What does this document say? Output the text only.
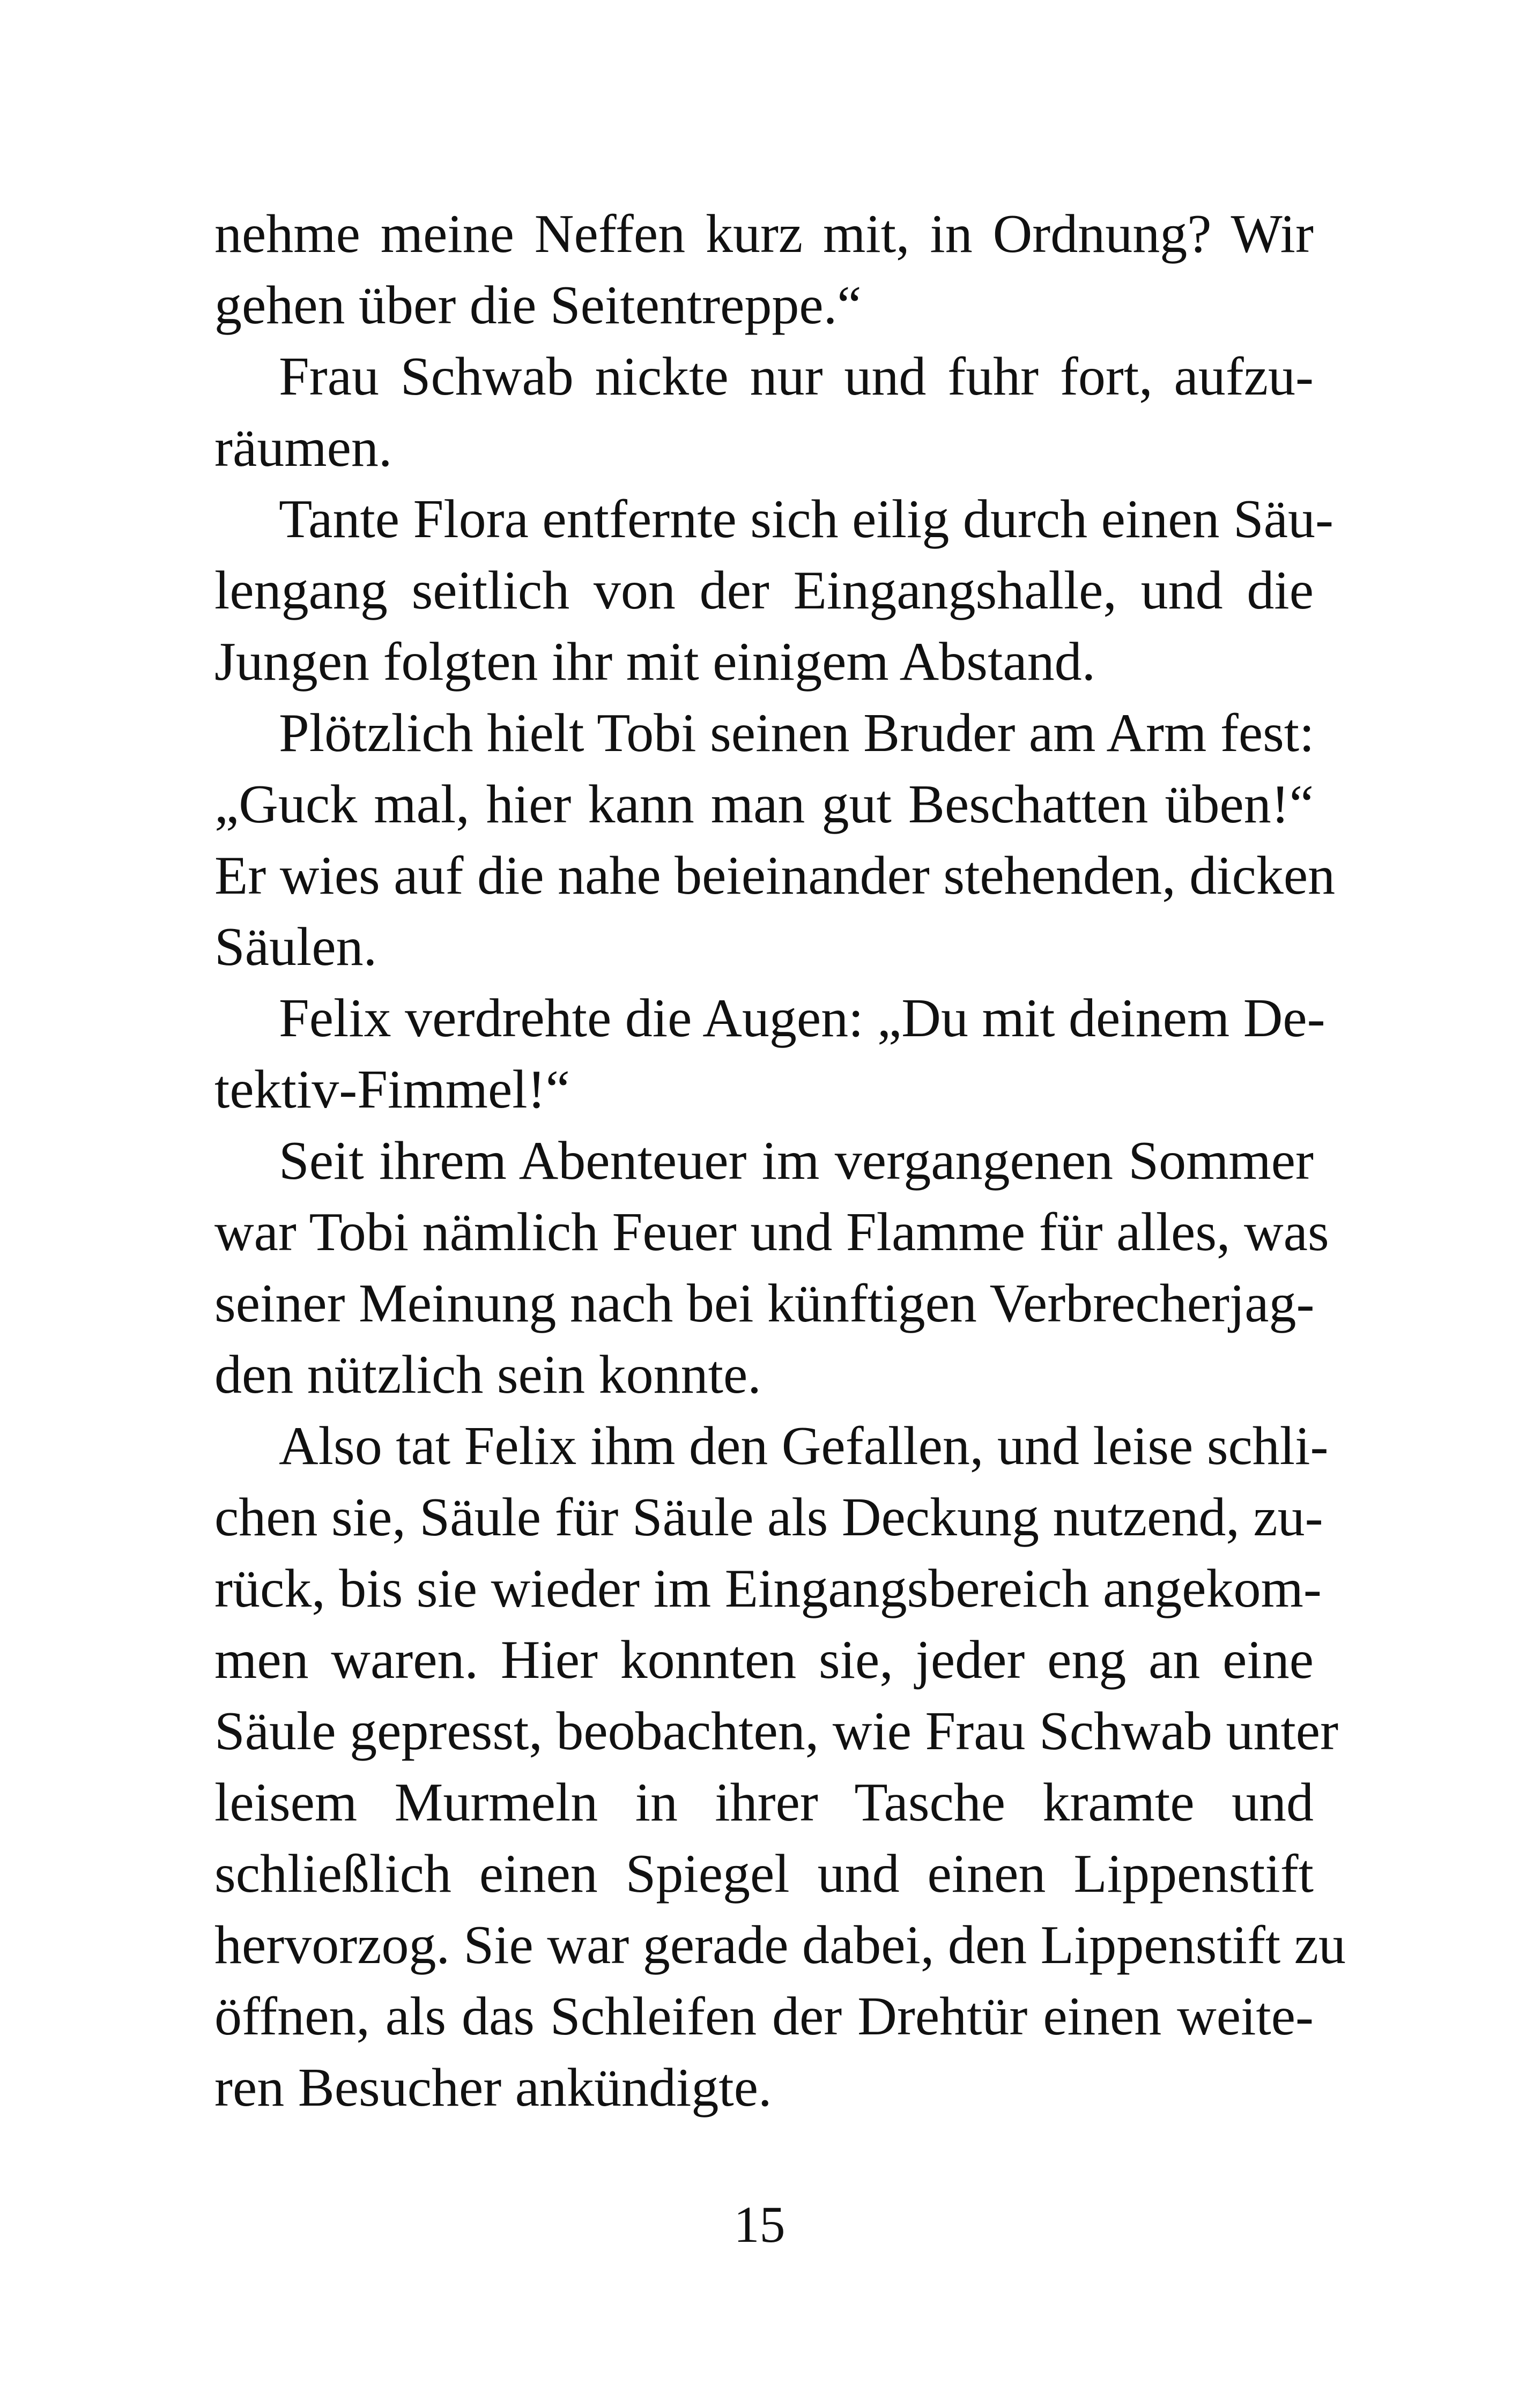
nehme meine Neffen kurz mit, in Ordnung? Wir
gehen über die Seitentreppe.“
Frau Schwab nickte nur und fuhr fort, aufzu-
räumen.
Tante Flora entfernte sich eilig durch einen Säu-
lengang seitlich von der Eingangshalle, und die
Jungen folgten ihr mit einigem Abstand.
Plötzlich hielt Tobi seinen Bruder am Arm fest:
„Guck mal, hier kann man gut Beschatten üben!“
Er wies auf die nahe beieinander stehenden, dicken
Säulen.
Felix verdrehte die Augen: „Du mit deinem De-
tektiv-Fimmel!“
Seit ihrem Abenteuer im vergangenen Sommer
war Tobi nämlich Feuer und Flamme für alles, was
seiner Meinung nach bei künftigen Verbrecherjag-
den nützlich sein konnte.
Also tat Felix ihm den Gefallen, und leise schli-
chen sie, Säule für Säule als Deckung nutzend, zu-
rück, bis sie wieder im Eingangsbereich angekom-
men waren. Hier konnten sie, jeder eng an eine
Säule gepresst, beobachten, wie Frau Schwab unter
leisem Murmeln in ihrer Tasche kramte und
schließlich einen Spiegel und einen Lippenstift
hervorzog. Sie war gerade dabei, den Lippenstift zu
öffnen, als das Schleifen der Drehtür einen weite-
ren Besucher ankündigte.
15
